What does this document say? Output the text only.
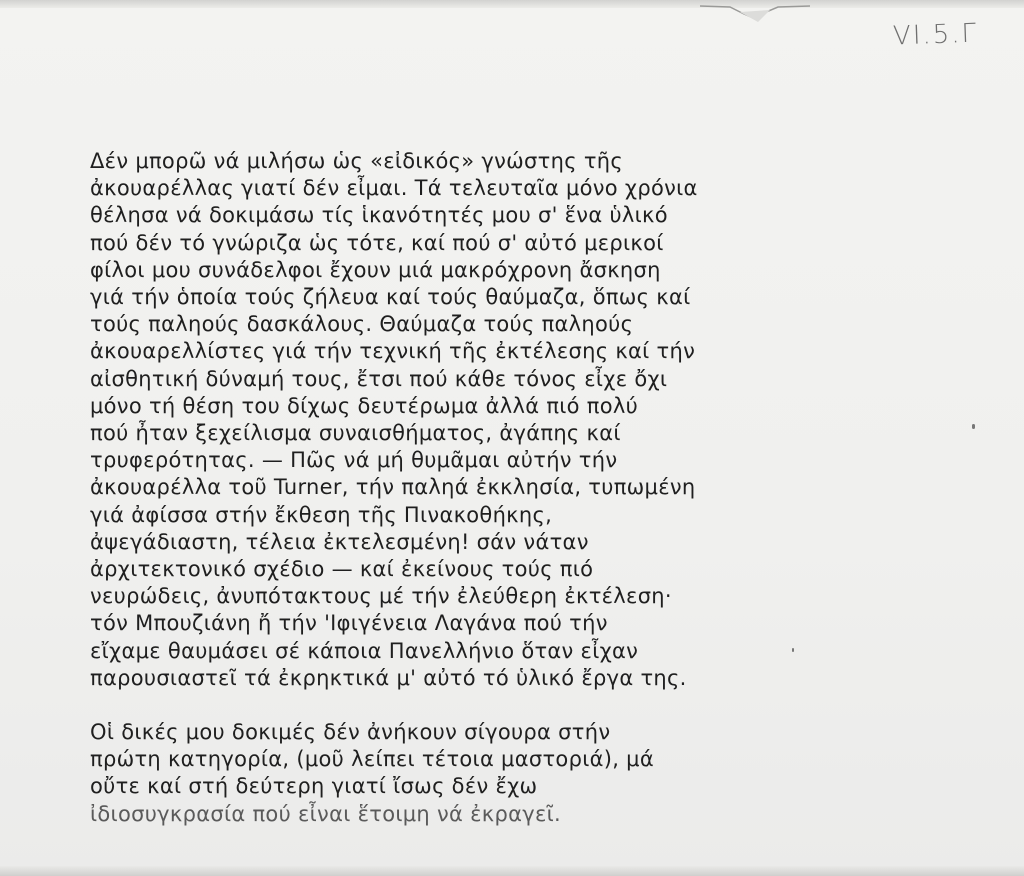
VI.5.Γ
Δέν μπορῶ νά μιλήσω ὡς «εἰδικός» γνώστης τῆς
ἀκουαρέλλας γιατί δέν εἶμαι. Τά τελευταῖα μόνο χρόνια
θέλησα νά δοκιμάσω τίς ἱκανότητές μου σ' ἕνα ὑλικό
πού δέν τό γνώριζα ὡς τότε, καί πού σ' αὐτό μερικοί
φίλοι μου συνάδελφοι ἔχουν μιά μακρόχρονη ἄσκηση
γιά τήν ὁποία τούς ζήλευα καί τούς θαύμαζα, ὅπως καί
τούς παληούς δασκάλους. Θαύμαζα τούς παληούς
ἀκουαρελλίστες γιά τήν τεχνική τῆς ἐκτέλεσης καί τήν
αἰσθητική δύναμή τους, ἔτσι πού κάθε τόνος εἶχε ὄχι
μόνο τή θέση του δίχως δευτέρωμα ἀλλά πιό πολύ
πού ἦταν ξεχείλισμα συναισθήματος, ἀγάπης καί
τρυφερότητας. — Πῶς νά μή θυμᾶμαι αὐτήν τήν
ἀκουαρέλλα τοῦ Turner, τήν παληά ἐκκλησία, τυπωμένη
γιά ἀφίσσα στήν ἔκθεση τῆς Πινακοθήκης,
ἀψεγάδιαστη, τέλεια ἐκτελεσμένη! σάν νάταν
ἀρχιτεκτονικό σχέδιο — καί ἐκείνους τούς πιό
νευρώδεις, ἀνυπότακτους μέ τήν ἐλεύθερη ἐκτέλεση·
τόν Μπουζιάνη ἤ τήν 'Ιφιγένεια Λαγάνα πού τήν
εἴχαμε θαυμάσει σέ κάποια Πανελλήνιο ὅταν εἶχαν
παρουσιαστεῖ τά ἐκρηκτικά μ' αὐτό τό ὑλικό ἔργα της.
Οἱ δικές μου δοκιμές δέν ἀνήκουν σίγουρα στήν
πρώτη κατηγορία, (μοῦ λείπει τέτοια μαστοριά), μά
οὔτε καί στή δεύτερη γιατί ἴσως δέν ἔχω
ἰδιοσυγκρασία πού εἶναι ἕτοιμη νά ἐκραγεῖ.
